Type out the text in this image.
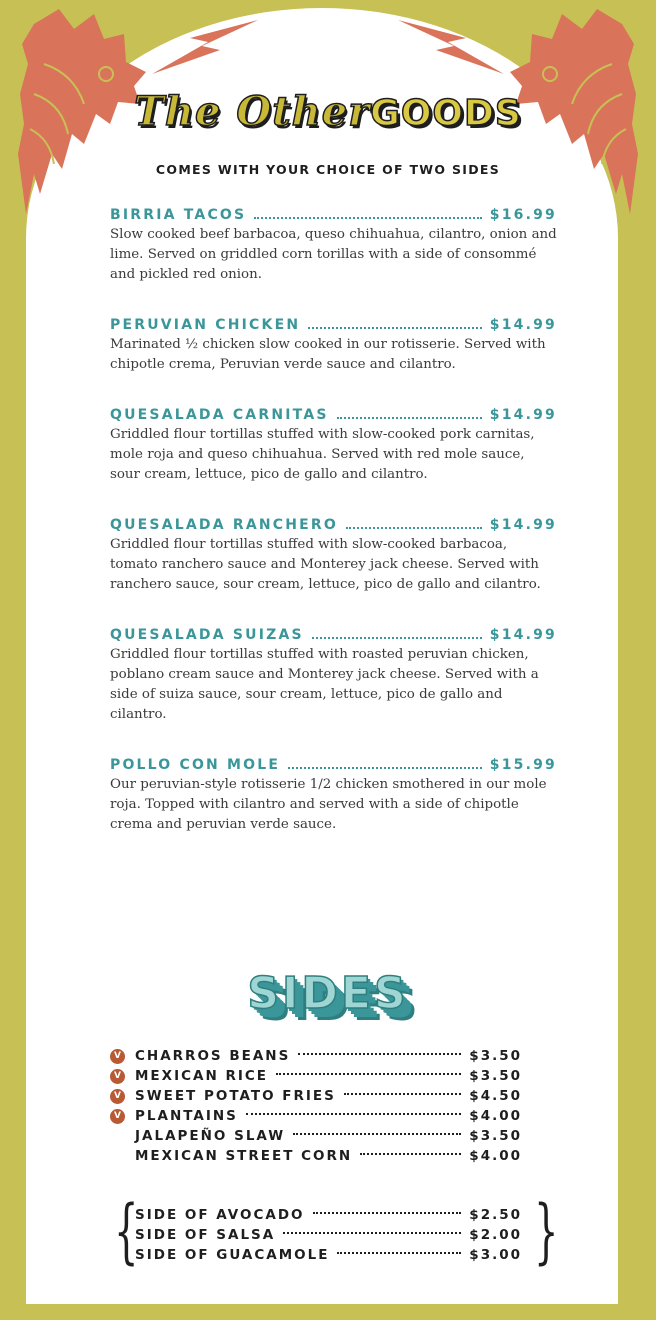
The OtherGOODS
COMES WITH YOUR CHOICE OF TWO SIDES
BIRRIA TACOS	$16.99
Slow cooked beef barbacoa, queso chihuahua, cilantro, onion and lime. Served on griddled corn torillas with a side of consommé and pickled red onion.
PERUVIAN CHICKEN	$14.99
Marinated ½ chicken slow cooked in our rotisserie. Served with chipotle crema, Peruvian verde sauce and cilantro.
QUESALADA CARNITAS	$14.99
Griddled flour tortillas stuffed with slow-cooked pork carnitas, mole roja and queso chihuahua. Served with red mole sauce, sour cream, lettuce, pico de gallo and cilantro.
QUESALADA RANCHERO	$14.99
Griddled flour tortillas stuffed with slow-cooked barbacoa, tomato ranchero sauce and Monterey jack cheese. Served with ranchero sauce, sour cream, lettuce, pico de gallo and cilantro.
QUESALADA SUIZAS	$14.99
Griddled flour tortillas stuffed with roasted peruvian chicken, poblano cream sauce and Monterey jack cheese. Served with a side of suiza sauce, sour cream, lettuce, pico de gallo and cilantro.
POLLO CON MOLE	$15.99
Our peruvian-style rotisserie 1/2 chicken smothered in our mole roja. Topped with cilantro and served with a side of chipotle crema and peruvian verde sauce.
SIDES
V CHARROS BEANS	$3.50
V MEXICAN RICE	$3.50
V SWEET POTATO FRIES	$4.50
V PLANTAINS	$4.00
JALAPEÑO SLAW	$3.50
MEXICAN STREET CORN	$4.00
{	}
SIDE OF AVOCADO	$2.50
SIDE OF SALSA	$2.00
SIDE OF GUACAMOLE	$3.00
